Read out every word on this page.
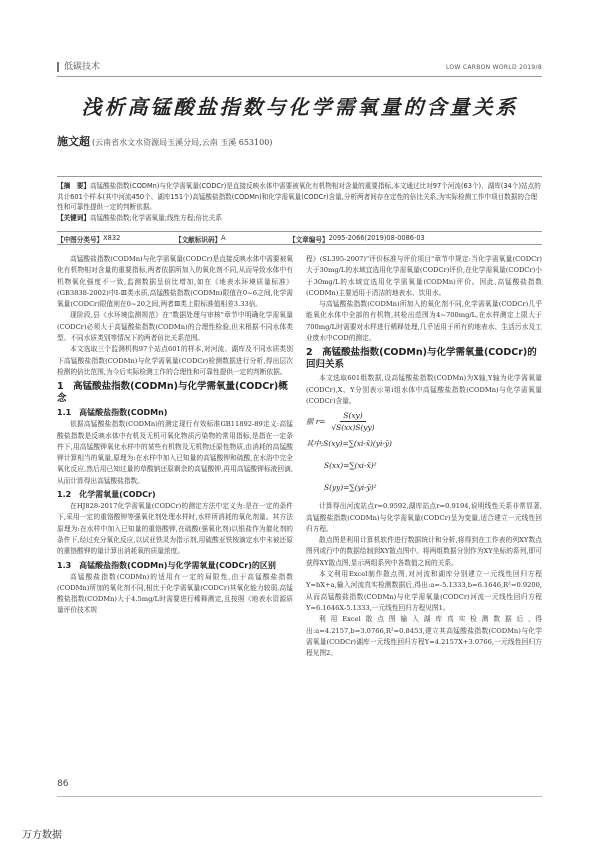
低碳技术	LOW CARBON WORLD 2019/8
浅析高锰酸盐指数与化学需氧量的含量关系
施文超 (云南省水文水资源局玉溪分局,云南 玉溪 653100)
【摘　要】高锰酸盐指数(CODMn)与化学需氧量(CODCr)是直接反映水体中需要被氧化有机物相对含量的重要指标,本文通过比对97个河流(63个)、湖库(34个)站点的共计601个样本(其中河流450个、湖库151个)高锰酸盐指数(CODMn)和化学需氧量(CODCr)含量,分析两者间存在定性的倍比关系,为实际检测工作中项目数据的合理性和可靠性提供一定的判断依据。
【关键词】高锰酸盐指数;化学需氧量;线性方程;倍比关系
【中图分类号】 X832	【文献标识码】 A	【文章编号】 2095-2066(2019)08-0086-03

高锰酸盐指数(CODMn)与化学需氧量(CODCr)是直接反映水体中需要被氧化有机物相对含量的重要指标,两者依据所加入的氧化剂不同,从而导致水体中有机物氧化强度不一致,监测数据呈倍比增加,如在《地表水环境质量标准》(GB3838-2002)中Ⅰ-Ⅲ类水质,高锰酸盐指数(CODMn)限值在0~6之间,化学需氧量(CODCr)限值则在0~20之间,两者Ⅲ类上限标准值相差3.33倍。

现阶段,县《水环境监测规范》在"数据处理与审核"章节中明确化学需氧量(CODCr)必须大于高锰酸盐指数(CODMn)的合理性检验,但未根据不同水体类型、不同水质类别等情况下的两者倍比关系范围。

本文选取三个监测机构97个站点601的样本,对河流、湖库及不同水质类别下高锰酸盐指数(CODMn)与化学需氧量(CODCr)检测数据进行分析,得出层次检测的倍比范围,为今后实际检测工作的合理性和可靠性提供一定的判断依据。

1　高锰酸盐指数(CODMn)与化学需氧量(CODCr)概念
1.1　高锰酸盐指数(CODMn)

依据高锰酸盐指数(CODMn)的测定现行有效标准GB11892-89定义:高锰酸盐指数是反映水体中有机及无机可氧化物质污染物的常用指标,是指在一定条件下,用高锰酸钾氧化水样中的某些有机物及无机物还原性物质,由消耗的高锰酸钾计算相当的氧量,原理为:在水样中加入已知量的高锰酸钾和硫酸,在水浴中完全氧化反应,然后用已知过量的草酸钠还原剩余的高锰酸钾,再用高锰酸钾标液回滴,从而计算得出高锰酸盐指数。

1.2　化学需氧量(CODCr)

在HJ828-2017化学需氧量(CODCr)的测定方法中定义为:是在一定的条件下,采用一定的重铬酸钾等强氧化剂处理水样时,水样所消耗的氧化剂量。其方法原理为:在水样中加入已知量的重铬酸钾,在硫酸(强氧化剂)以银盐作为催化剂的条件下,经过充分氧化反应,以试亚铁灵为指示剂,用硫酸亚铁铵滴定水中未被还原的重铬酸钾的量计算出消耗氧的质量浓度。

1.3　高锰酸盐指数(CODMn)与化学需氧量(CODCr)的区别

高锰酸盐指数(CODMn)的适用有一定的局限性,由于高锰酸盐指数(CODMn)所加的氧化剂不同,相比于化学需氧量(CODCr)其氧化能力较弱,高锰酸盐指数(CODMn)大于4.5mg/L时需要进行稀释测定,且按照《地表水资源质量评价技术规

程》(SL395-2007)"评价标准与评价项目"章节中规定:当化学需氧量(CODCr)大于30mg/L的水域宜选用化学需氧量(CODCr)评价,在化学需氧量(CODCr)小于30mg/L的水域宜选用化学需氧量(CODMn)评价。因此,高锰酸盐指数(CODMn)主要适用于清洁的地表水、饮用水。

与高锰酸盐指数(CODMn)所加入的氧化剂不同,化学需氧量(CODCr)几乎能氧化水体中全部的有机物,其检出范围为4~700mg/L,在水样测定上限大于700mg/L时需要对水样进行稀释处理,几乎适用于所有的地表水、生活污水及工业废水中COD的测定。

2　高锰酸盐指数(CODMn)与化学需氧量(CODCr)的回归关系

本文选取601组数据,设高锰酸盐指数(CODMn)为X轴,Y轴为化学需氧量(CODCr),X、Y分别表示第i组水体中高锰酸盐指数(CODMn)与化学需氧量(CODCr)含量。

据 $r= \frac{S(xy)}{√S(xx)S(yy)}$
其中:S(xy)= ∑(xi-x̄)(yi-ȳ)
S(xx)= ∑(xi-x̄)²
S(yy)= ∑(yi-ȳ)²

计算得出河流站点r=0.9592,湖库站点r=0.9194,说明线性关系非常显著,高锰酸盐指数(CODMn)与化学需氧量(CODCr)呈为变量,适合建立一元线性回归方程。

散点图是利用计算机软件进行数据统计和分析,将得到在工作表的列XY数点图列或行中的数据绘制到XY散点图中。将两组数据分别作为XY坐标的系列,即可获得XY散点图,显示两组系列中各数值之间的关系。

本文利用Excel制作散点图,对河流和湖库分别建立一元线性回归方程Y=bX+a,输入河流真实检测数据后,得出:a=-5.1333,b=6.1646,R²=0.9200,从而高锰酸盐指数(CODMn)与化学需氧量(CODCr)河流一元线性回归方程Y=6.1646X-5.1333,一元线性回归方程见图1。

利用Excel散点图输入湖库真实检测数据后,得出:a=4.2157,b=3.0766,R²=0.8453,建立其高锰酸盐指数(CODMn)与化学需氧量(CODCr)湖库一元线性回归方程Y=4.2157X+3.0766,一元线性回归方程见图2。

86
万方数据
